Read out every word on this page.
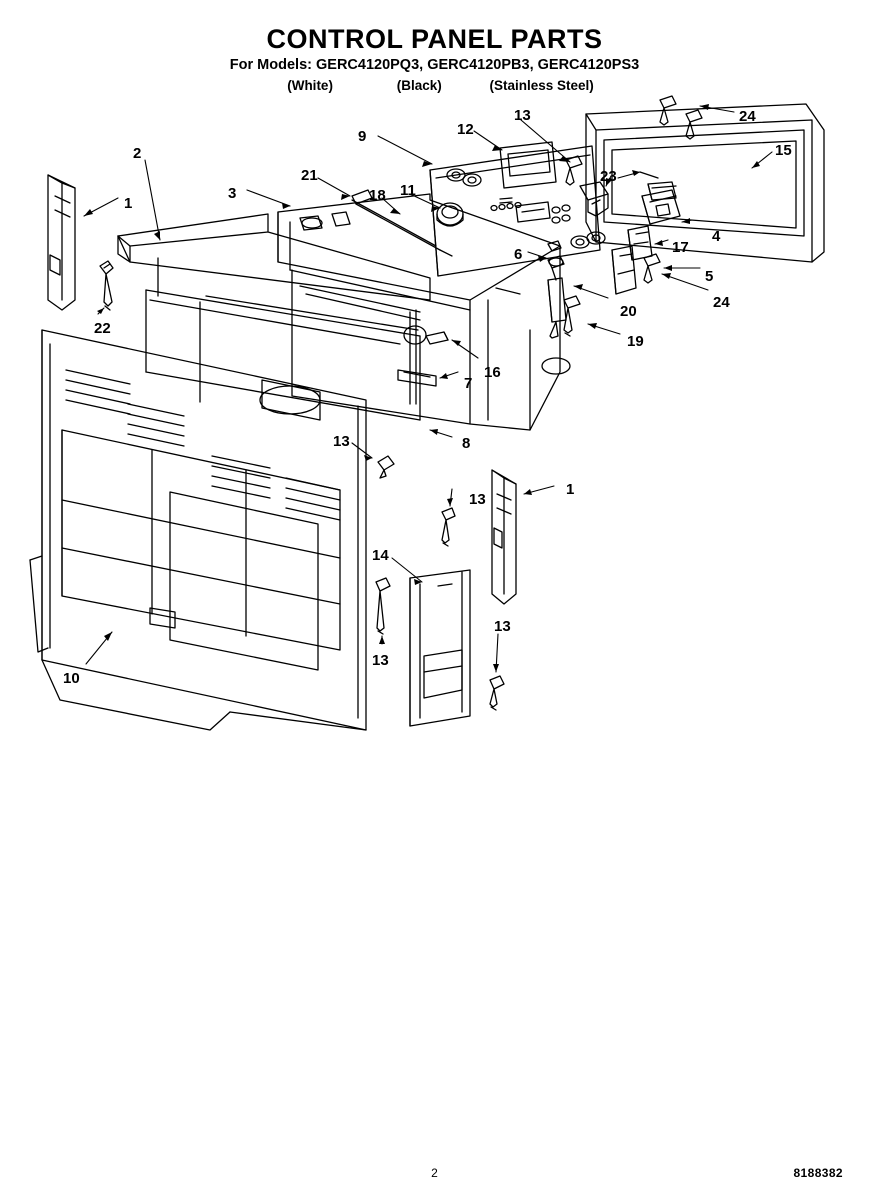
CONTROL PANEL PARTS
For Models: GERC4120PQ3, GERC4120PB3, GERC4120PS3
(White)	(Black)	(Stainless Steel)
2
1
3
9	12
13	24
15
23
21
18 11
4
17
22
6
5
20
24
19
16
7
13	8
13
1
14
13
13
10
2	8188382
